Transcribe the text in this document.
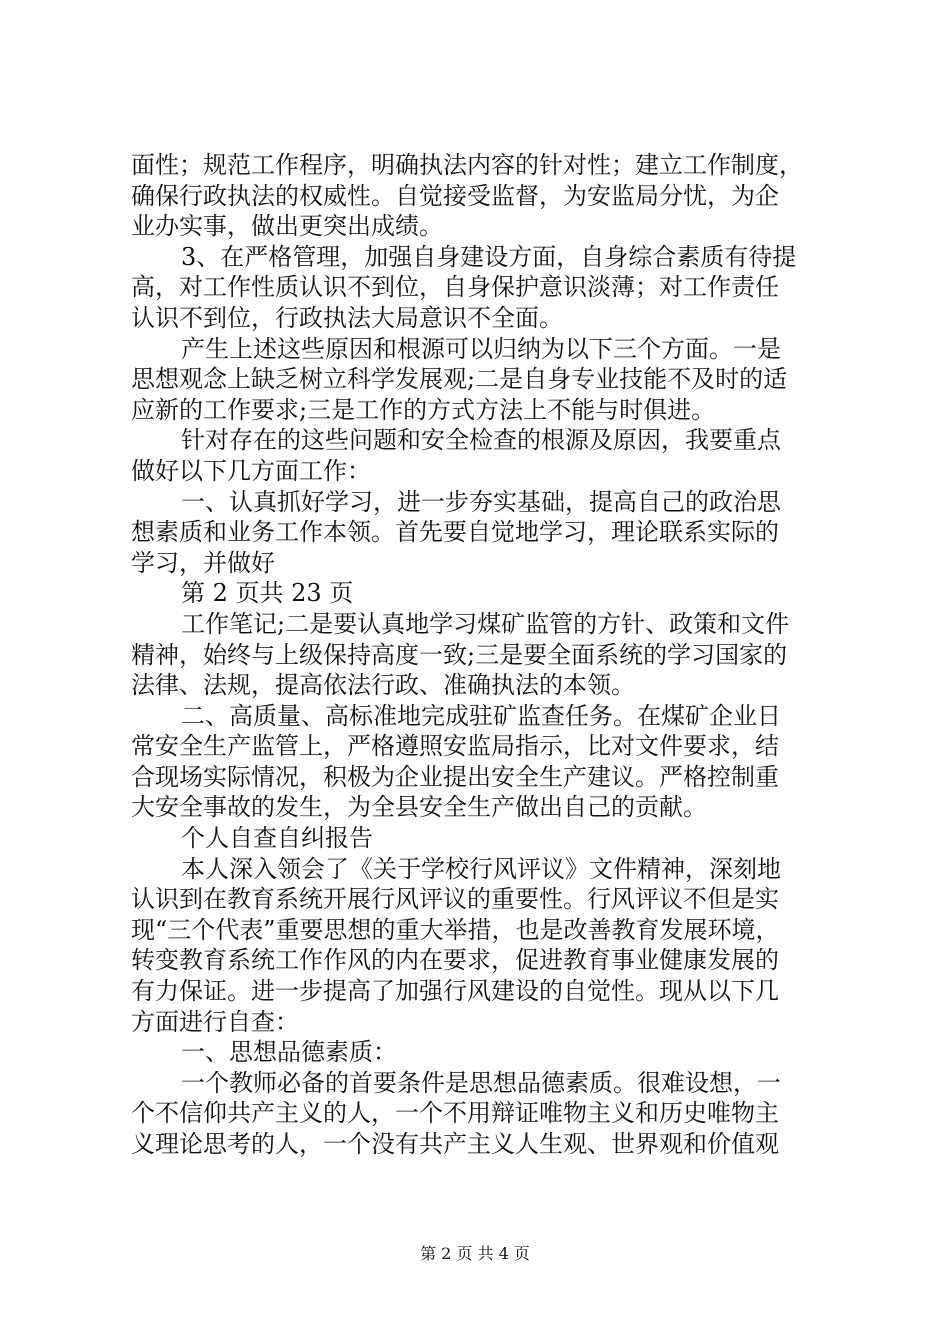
面性；规范工作程序，明确执法内容的针对性；建立工作制度，
确保行政执法的权威性。自觉接受监督，为安监局分忧，为企
业办实事，做出更突出成绩。
3、在严格管理，加强自身建设方面，自身综合素质有待提
高，对工作性质认识不到位，自身保护意识淡薄；对工作责任
认识不到位，行政执法大局意识不全面。
产生上述这些原因和根源可以归纳为以下三个方面。一是
思想观念上缺乏树立科学发展观;二是自身专业技能不及时的适
应新的工作要求;三是工作的方式方法上不能与时俱进。
针对存在的这些问题和安全检查的根源及原因，我要重点
做好以下几方面工作：
一、认真抓好学习，进一步夯实基础，提高自己的政治思
想素质和业务工作本领。首先要自觉地学习，理论联系实际的
学习，并做好
第 2 页共 23 页
工作笔记;二是要认真地学习煤矿监管的方针、政策和文件
精神，始终与上级保持高度一致;三是要全面系统的学习国家的
法律、法规，提高依法行政、准确执法的本领。
二、高质量、高标准地完成驻矿监查任务。在煤矿企业日
常安全生产监管上，严格遵照安监局指示，比对文件要求，结
合现场实际情况，积极为企业提出安全生产建议。严格控制重
大安全事故的发生，为全县安全生产做出自己的贡献。
个人自查自纠报告
本人深入领会了《关于学校行风评议》文件精神，深刻地
认识到在教育系统开展行风评议的重要性。行风评议不但是实
现“三个代表”重要思想的重大举措，也是改善教育发展环境，
转变教育系统工作作风的内在要求，促进教育事业健康发展的
有力保证。进一步提高了加强行风建设的自觉性。现从以下几
方面进行自查：
一、思想品德素质：
一个教师必备的首要条件是思想品德素质。很难设想，一
个不信仰共产主义的人，一个不用辩证唯物主义和历史唯物主
义理论思考的人，一个没有共产主义人生观、世界观和价值观
第 2 页 共 4 页
